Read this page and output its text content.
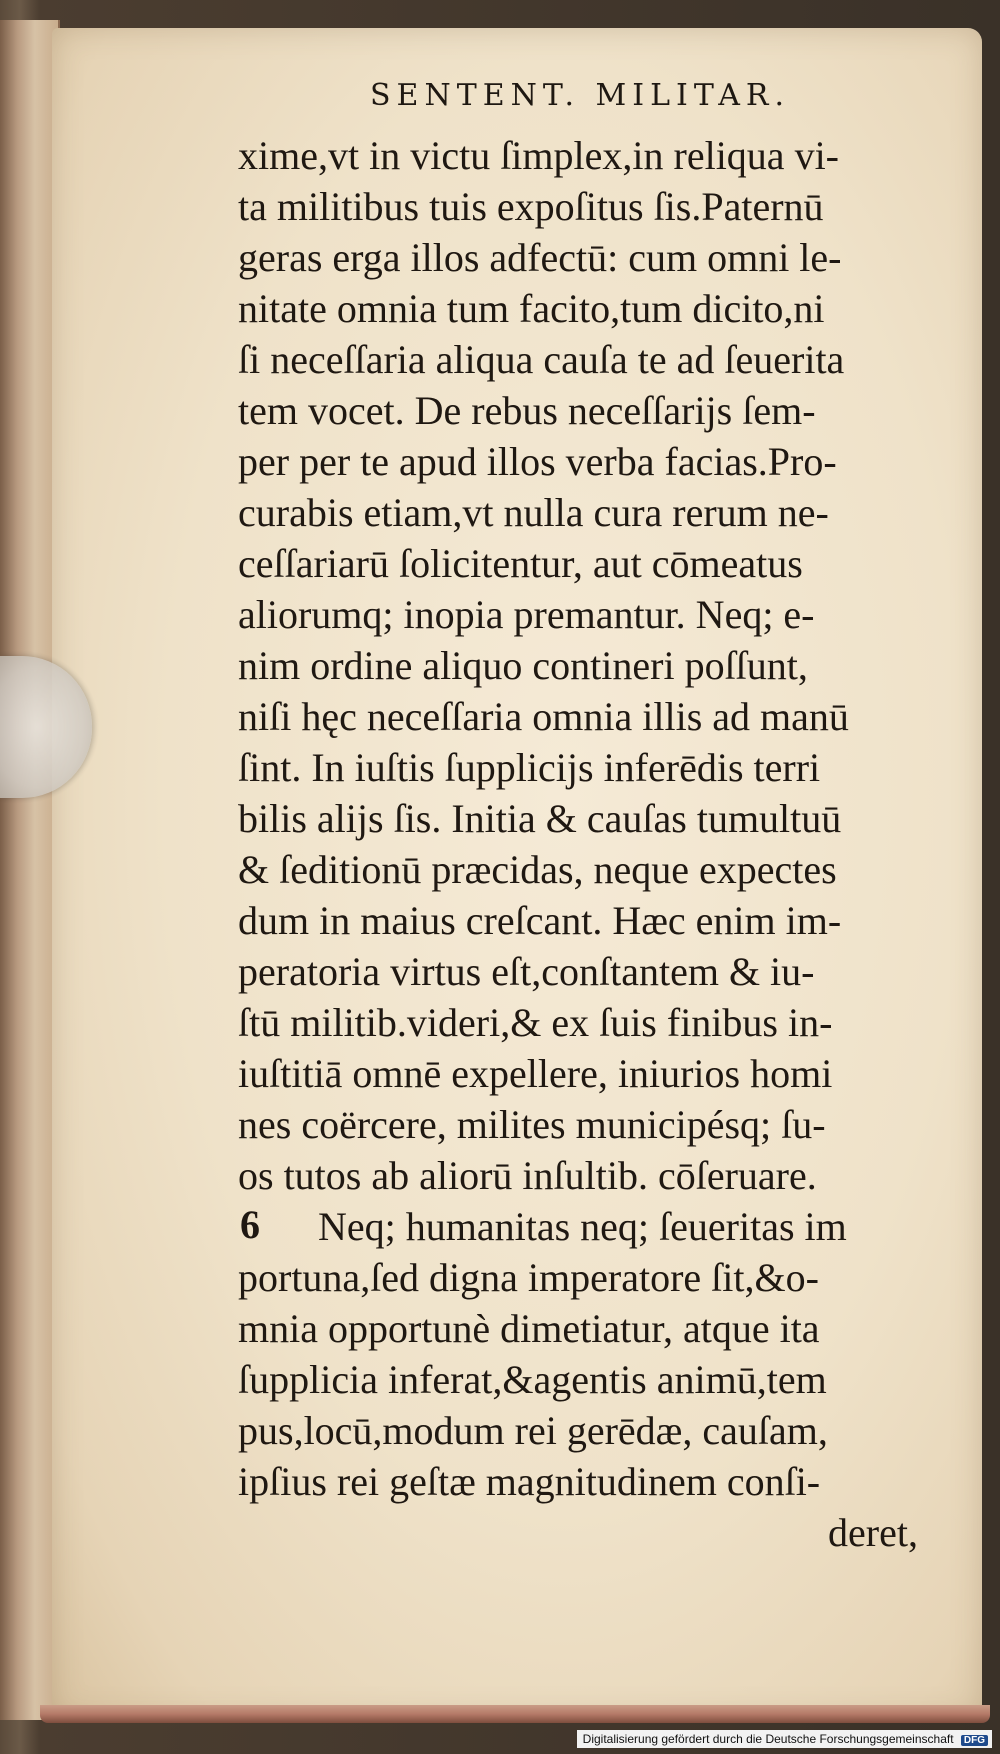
SENTENT. MILITAR.
xime,vt in victu ſimplex,in reliqua vi-
ta militibus tuis expoſitus ſis.Paternū
geras erga illos adfectū: cum omni le-
nitate omnia tum facito,tum dicito,ni
ſi neceſſaria aliqua cauſa te ad ſeuerita
tem vocet. De rebus neceſſarijs ſem-
per per te apud illos verba facias.Pro-
curabis etiam,vt nulla cura rerum ne-
ceſſariarū ſolicitentur, aut cōmeatus
aliorumq; inopia premantur. Neq; e-
nim ordine aliquo contineri poſſunt,
niſi hęc neceſſaria omnia illis ad manū
ſint. In iuſtis ſupplicijs inferēdis terri
bilis alijs ſis. Initia & cauſas tumultuū
& ſeditionū præcidas, neque expectes
dum in maius creſcant. Hæc enim im-
peratoria virtus eſt,conſtantem & iu-
ſtū militib.videri,& ex ſuis finibus in-
iuſtitiā omnē expellere, iniurios homi
nes coërcere, milites municipésq; ſu-
os tutos ab aliorū inſultib. cōſeruare.
Neq; humanitas neq; ſeueritas im
portuna,ſed digna imperatore ſit,&o-
mnia opportunè dimetiatur, atque ita
ſupplicia inferat,&agentis animū,tem
pus,locū,modum rei gerēdæ, cauſam,
ipſius rei geſtæ magnitudinem conſi-
deret,
6
Digitalisierung gefördert durch die Deutsche Forschungsgemeinschaft DFG
